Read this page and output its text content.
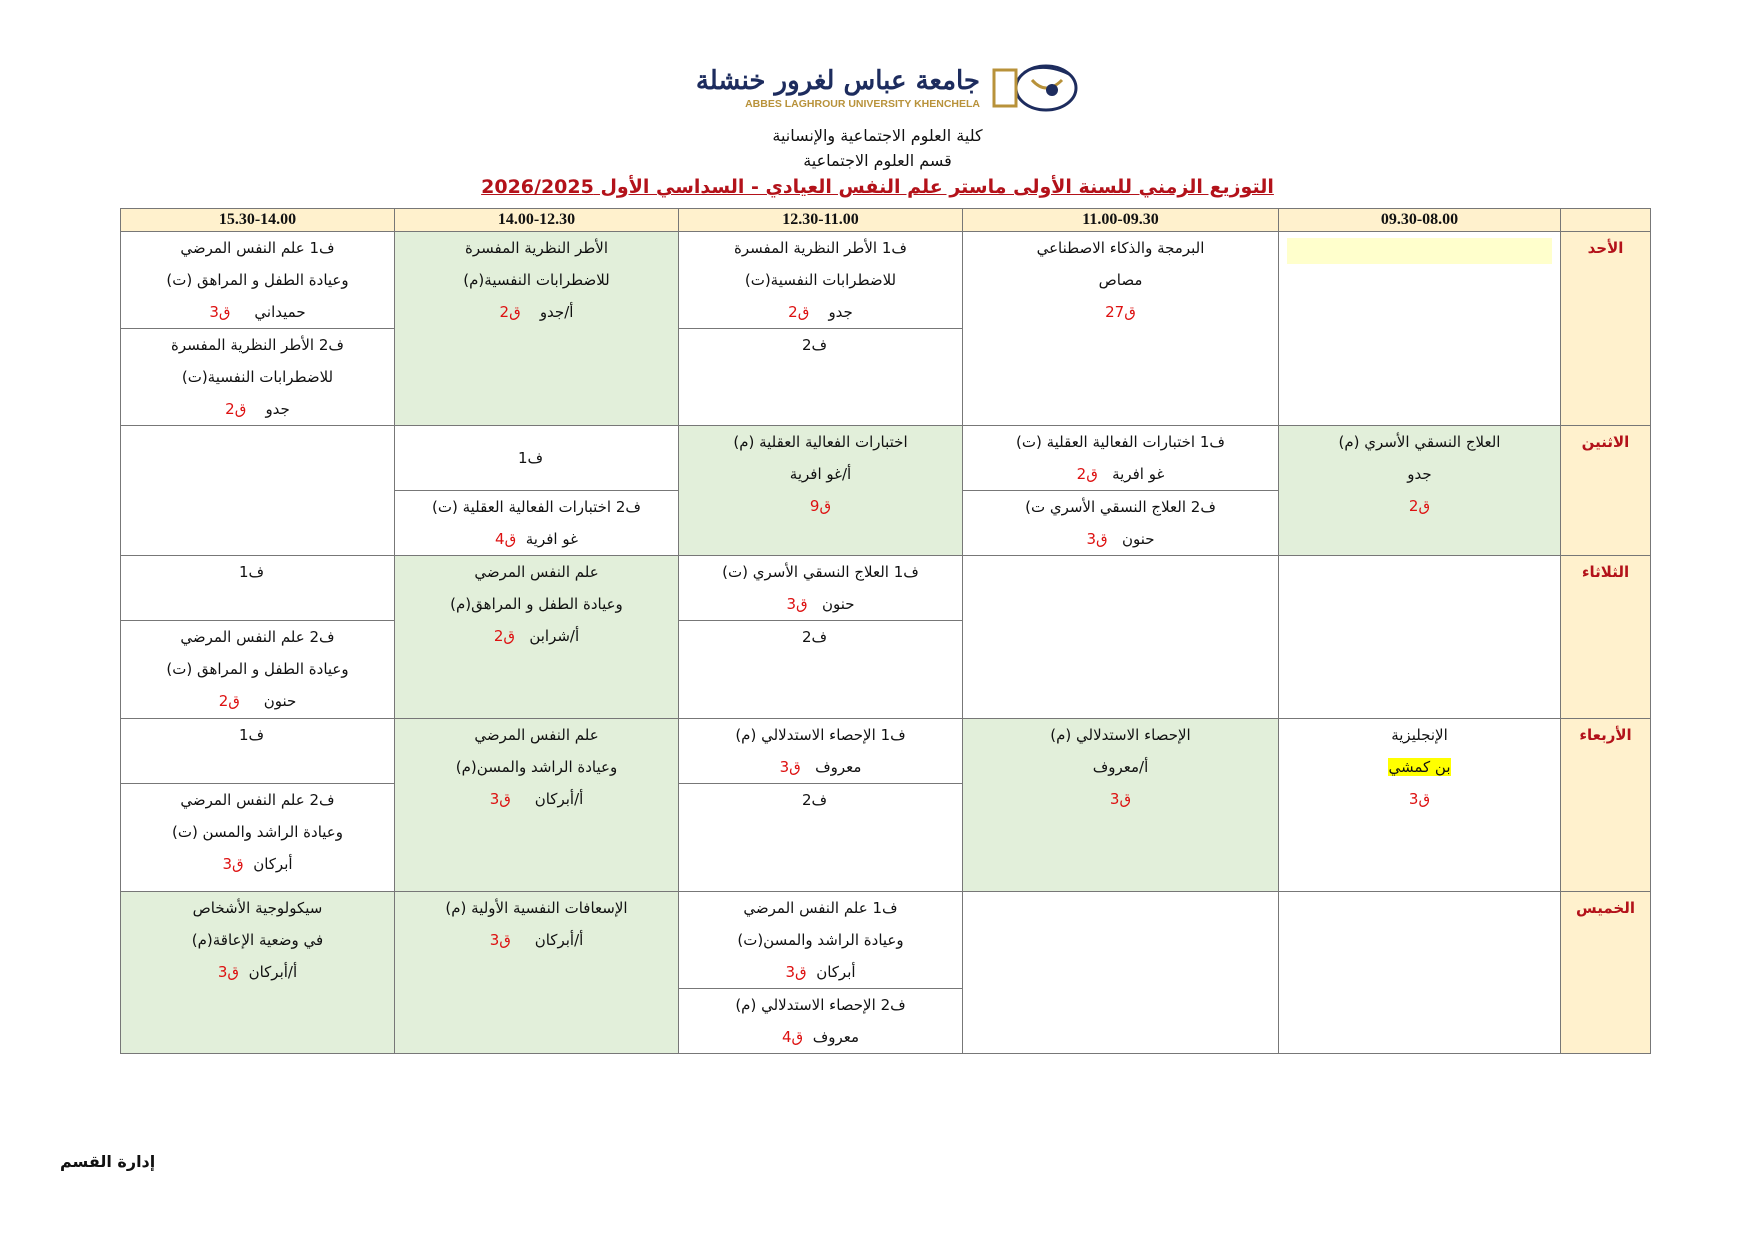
جامعة عباس لغرور خنشلة
ABBES LAGHROUR UNIVERSITY KHENCHELA
كلية العلوم الاجتماعية والإنسانية
قسم العلوم الاجتماعية
التوزيع الزمني للسنة الأولى ماستر علم النفس العيادي - السداسي الأول 2026/2025
	09.30-08.00	11.00-09.30	12.30-11.00	14.00-12.30	15.30-14.00
الأحد		البرمجة والذكاء الاصطناعي
مصاص
ق27	ف1 الأطر النظرية المفسرة
للاضطرابات النفسية(ت)
جدو    ق2	الأطر النظرية المفسرة
للاضطرابات النفسية(م)
أ/جدو    ق2	ف1 علم النفس المرضي
وعيادة الطفل و المراهق (ت)
حميداني     ق3

			ف2		ف2 الأطر النظرية المفسرة
للاضطرابات النفسية(ت)
جدو    ق2

الاثنين	العلاج النسقي الأسري (م)
جدو
ق2	ف1 اختبارات الفعالية العقلية (ت)
غو افرية   ق2	اختبارات الفعالية العقلية (م)
أ/غو افرية
ق9	ف1	

		ف2 العلاج النسقي الأسري ت)
حنون   ق3		ف2 اختبارات الفعالية العقلية (ت)
غو افرية  ق4	

الثلاثاء			ف1 العلاج النسقي الأسري (ت)
حنون   ق3	علم النفس المرضي
وعيادة الطفل و المراهق(م)
أ/شرابن   ق2	ف1

			ف2		ف2 علم النفس المرضي
وعيادة الطفل و المراهق (ت)
حنون     ق2

الأربعاء	الإنجليزية
بن كمشي
ق3	الإحصاء الاستدلالي (م)
أ/معروف
ق3	ف1 الإحصاء الاستدلالي (م)
معروف   ق3	علم النفس المرضي
وعيادة الراشد والمسن(م)
أ/أبركان     ق3	ف1

			ف2		ف2 علم النفس المرضي
وعيادة الراشد والمسن (ت)
أبركان  ق3

الخميس			ف1 علم النفس المرضي
وعيادة الراشد والمسن(ت)
أبركان  ق3	الإسعافات النفسية الأولية (م)
أ/أبركان     ق3	سيكولوجية الأشخاص
في وضعية الإعاقة(م)
أ/أبركان  ق3

			ف2 الإحصاء الاستدلالي (م)
معروف  ق4		
إدارة القسم
